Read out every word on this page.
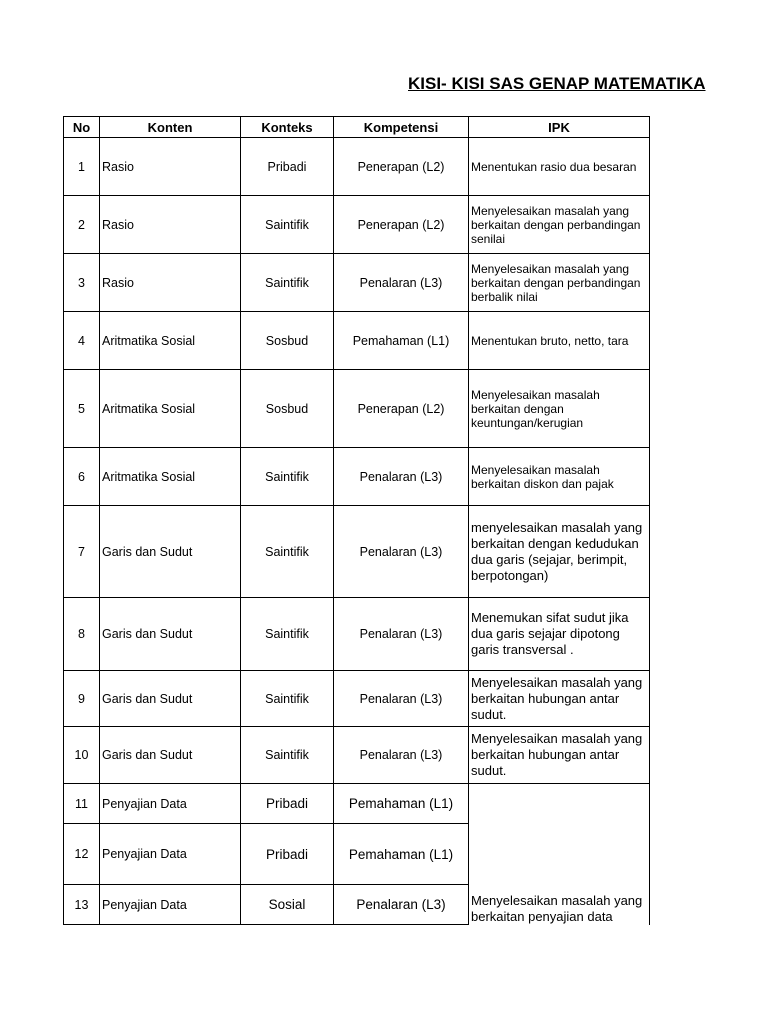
KISI- KISI SAS GENAP MATEMATIKA
No	Konten	Konteks	Kompetensi	IPK
1	Rasio	Pribadi	Penerapan (L2)	Menentukan rasio dua besaran
2	Rasio	Saintifik	Penerapan (L2)	Menyelesaikan masalah yang berkaitan dengan perbandingan senilai
3	Rasio	Saintifik	Penalaran (L3)	Menyelesaikan masalah yang berkaitan dengan perbandingan berbalik nilai
4	Aritmatika Sosial	Sosbud	Pemahaman (L1)	Menentukan bruto, netto, tara
5	Aritmatika Sosial	Sosbud	Penerapan (L2)	Menyelesaikan masalah berkaitan dengan keuntungan/kerugian
6	Aritmatika Sosial	Saintifik	Penalaran (L3)	Menyelesaikan masalah berkaitan diskon dan pajak
7	Garis dan Sudut	Saintifik	Penalaran (L3)	menyelesaikan masalah yang berkaitan dengan kedudukan dua garis (sejajar, berimpit, berpotongan)
8	Garis dan Sudut	Saintifik	Penalaran (L3)	Menemukan sifat sudut jika dua garis sejajar dipotong garis transversal .
9	Garis dan Sudut	Saintifik	Penalaran (L3)	Menyelesaikan masalah yang berkaitan hubungan antar sudut.
10	Garis dan Sudut	Saintifik	Penalaran (L3)	Menyelesaikan masalah yang berkaitan hubungan antar sudut.
11	Penyajian Data	Pribadi	Pemahaman (L1)	Menyelesaikan masalah yang berkaitan penyajian data
12	Penyajian Data	Pribadi	Pemahaman (L1)	
13	Penyajian Data	Sosial	Penalaran (L3)	
